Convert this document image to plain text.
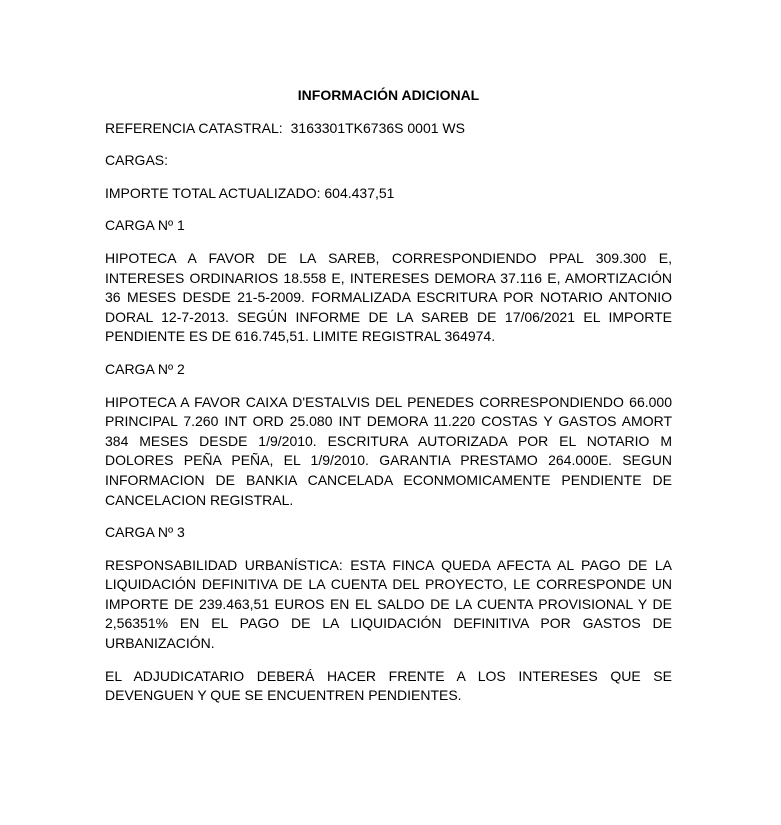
INFORMACIÓN ADICIONAL
REFERENCIA CATASTRAL: 3163301TK6736S 0001 WS
CARGAS:
IMPORTE TOTAL ACTUALIZADO: 604.437,51
CARGA Nº 1
HIPOTECA A FAVOR DE LA SAREB, CORRESPONDIENDO PPAL 309.300 E, INTERESES ORDINARIOS 18.558 E, INTERESES DEMORA 37.116 E, AMORTIZACIÓN 36 MESES DESDE 21-5-2009. FORMALIZADA ESCRITURA POR NOTARIO ANTONIO DORAL 12-7-2013. SEGÚN INFORME DE LA SAREB DE 17/06/2021 EL IMPORTE PENDIENTE ES DE 616.745,51. LIMITE REGISTRAL 364974.
CARGA Nº 2
HIPOTECA A FAVOR CAIXA D'ESTALVIS DEL PENEDES CORRESPONDIENDO 66.000 PRINCIPAL 7.260 INT ORD 25.080 INT DEMORA 11.220 COSTAS Y GASTOS AMORT 384 MESES DESDE 1/9/2010. ESCRITURA AUTORIZADA POR EL NOTARIO M DOLORES PEÑA PEÑA, EL 1/9/2010. GARANTIA PRESTAMO 264.000E. SEGUN INFORMACION DE BANKIA CANCELADA ECONMOMICAMENTE PENDIENTE DE CANCELACION REGISTRAL.
CARGA Nº 3
RESPONSABILIDAD URBANÍSTICA: ESTA FINCA QUEDA AFECTA AL PAGO DE LA LIQUIDACIÓN DEFINITIVA DE LA CUENTA DEL PROYECTO, LE CORRESPONDE UN IMPORTE DE 239.463,51 EUROS EN EL SALDO DE LA CUENTA PROVISIONAL Y DE 2,56351% EN EL PAGO DE LA LIQUIDACIÓN DEFINITIVA POR GASTOS DE URBANIZACIÓN.
EL ADJUDICATARIO DEBERÁ HACER FRENTE A LOS INTERESES QUE SE DEVENGUEN Y QUE SE ENCUENTREN PENDIENTES.
